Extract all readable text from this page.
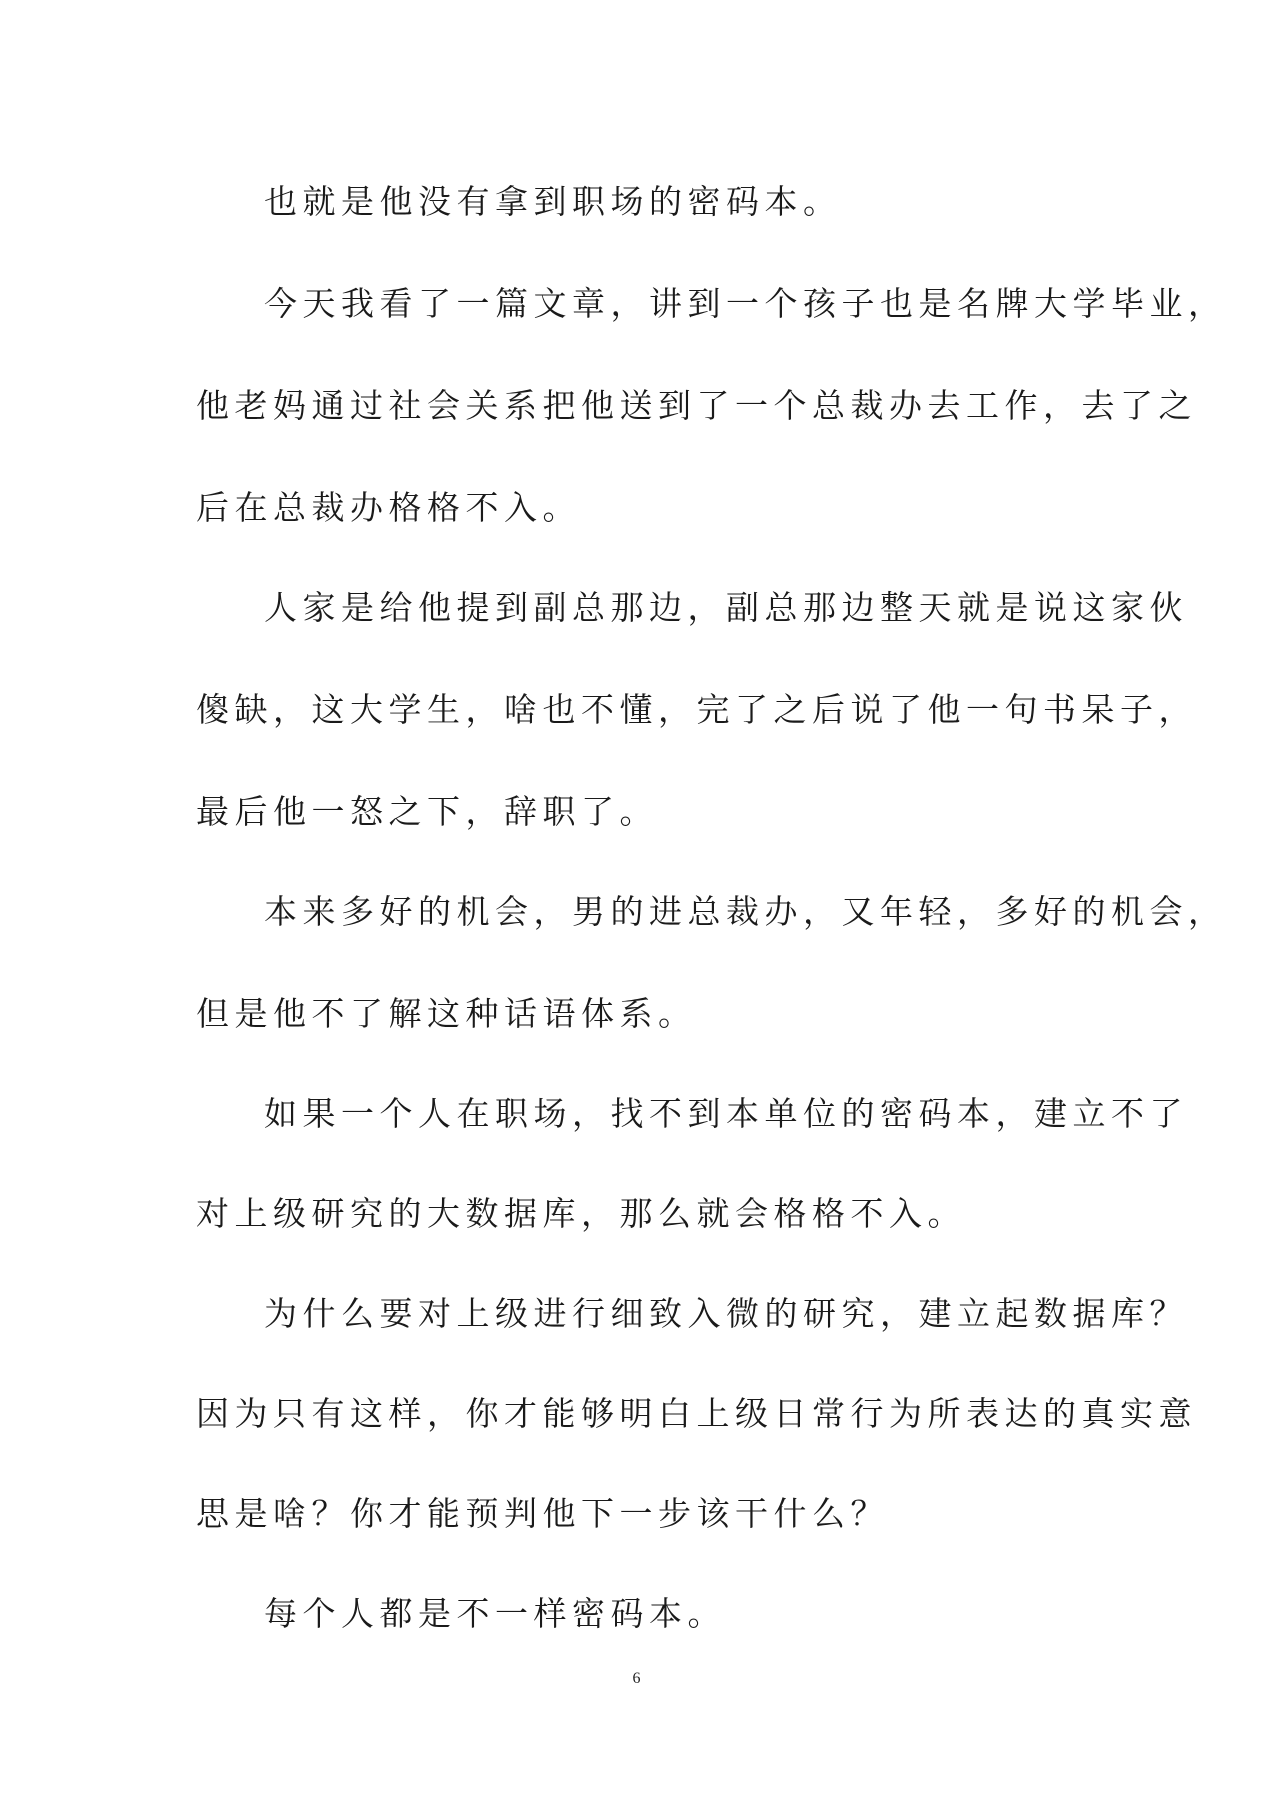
也就是他没有拿到职场的密码本。
今天我看了一篇文章，讲到一个孩子也是名牌大学毕业，
他老妈通过社会关系把他送到了一个总裁办去工作，去了之
后在总裁办格格不入。
人家是给他提到副总那边，副总那边整天就是说这家伙
傻缺，这大学生，啥也不懂，完了之后说了他一句书呆子，
最后他一怒之下，辞职了。
本来多好的机会，男的进总裁办，又年轻，多好的机会，
但是他不了解这种话语体系。
如果一个人在职场，找不到本单位的密码本，建立不了
对上级研究的大数据库，那么就会格格不入。
为什么要对上级进行细致入微的研究，建立起数据库？
因为只有这样，你才能够明白上级日常行为所表达的真实意
思是啥？你才能预判他下一步该干什么？
每个人都是不一样密码本。
6
